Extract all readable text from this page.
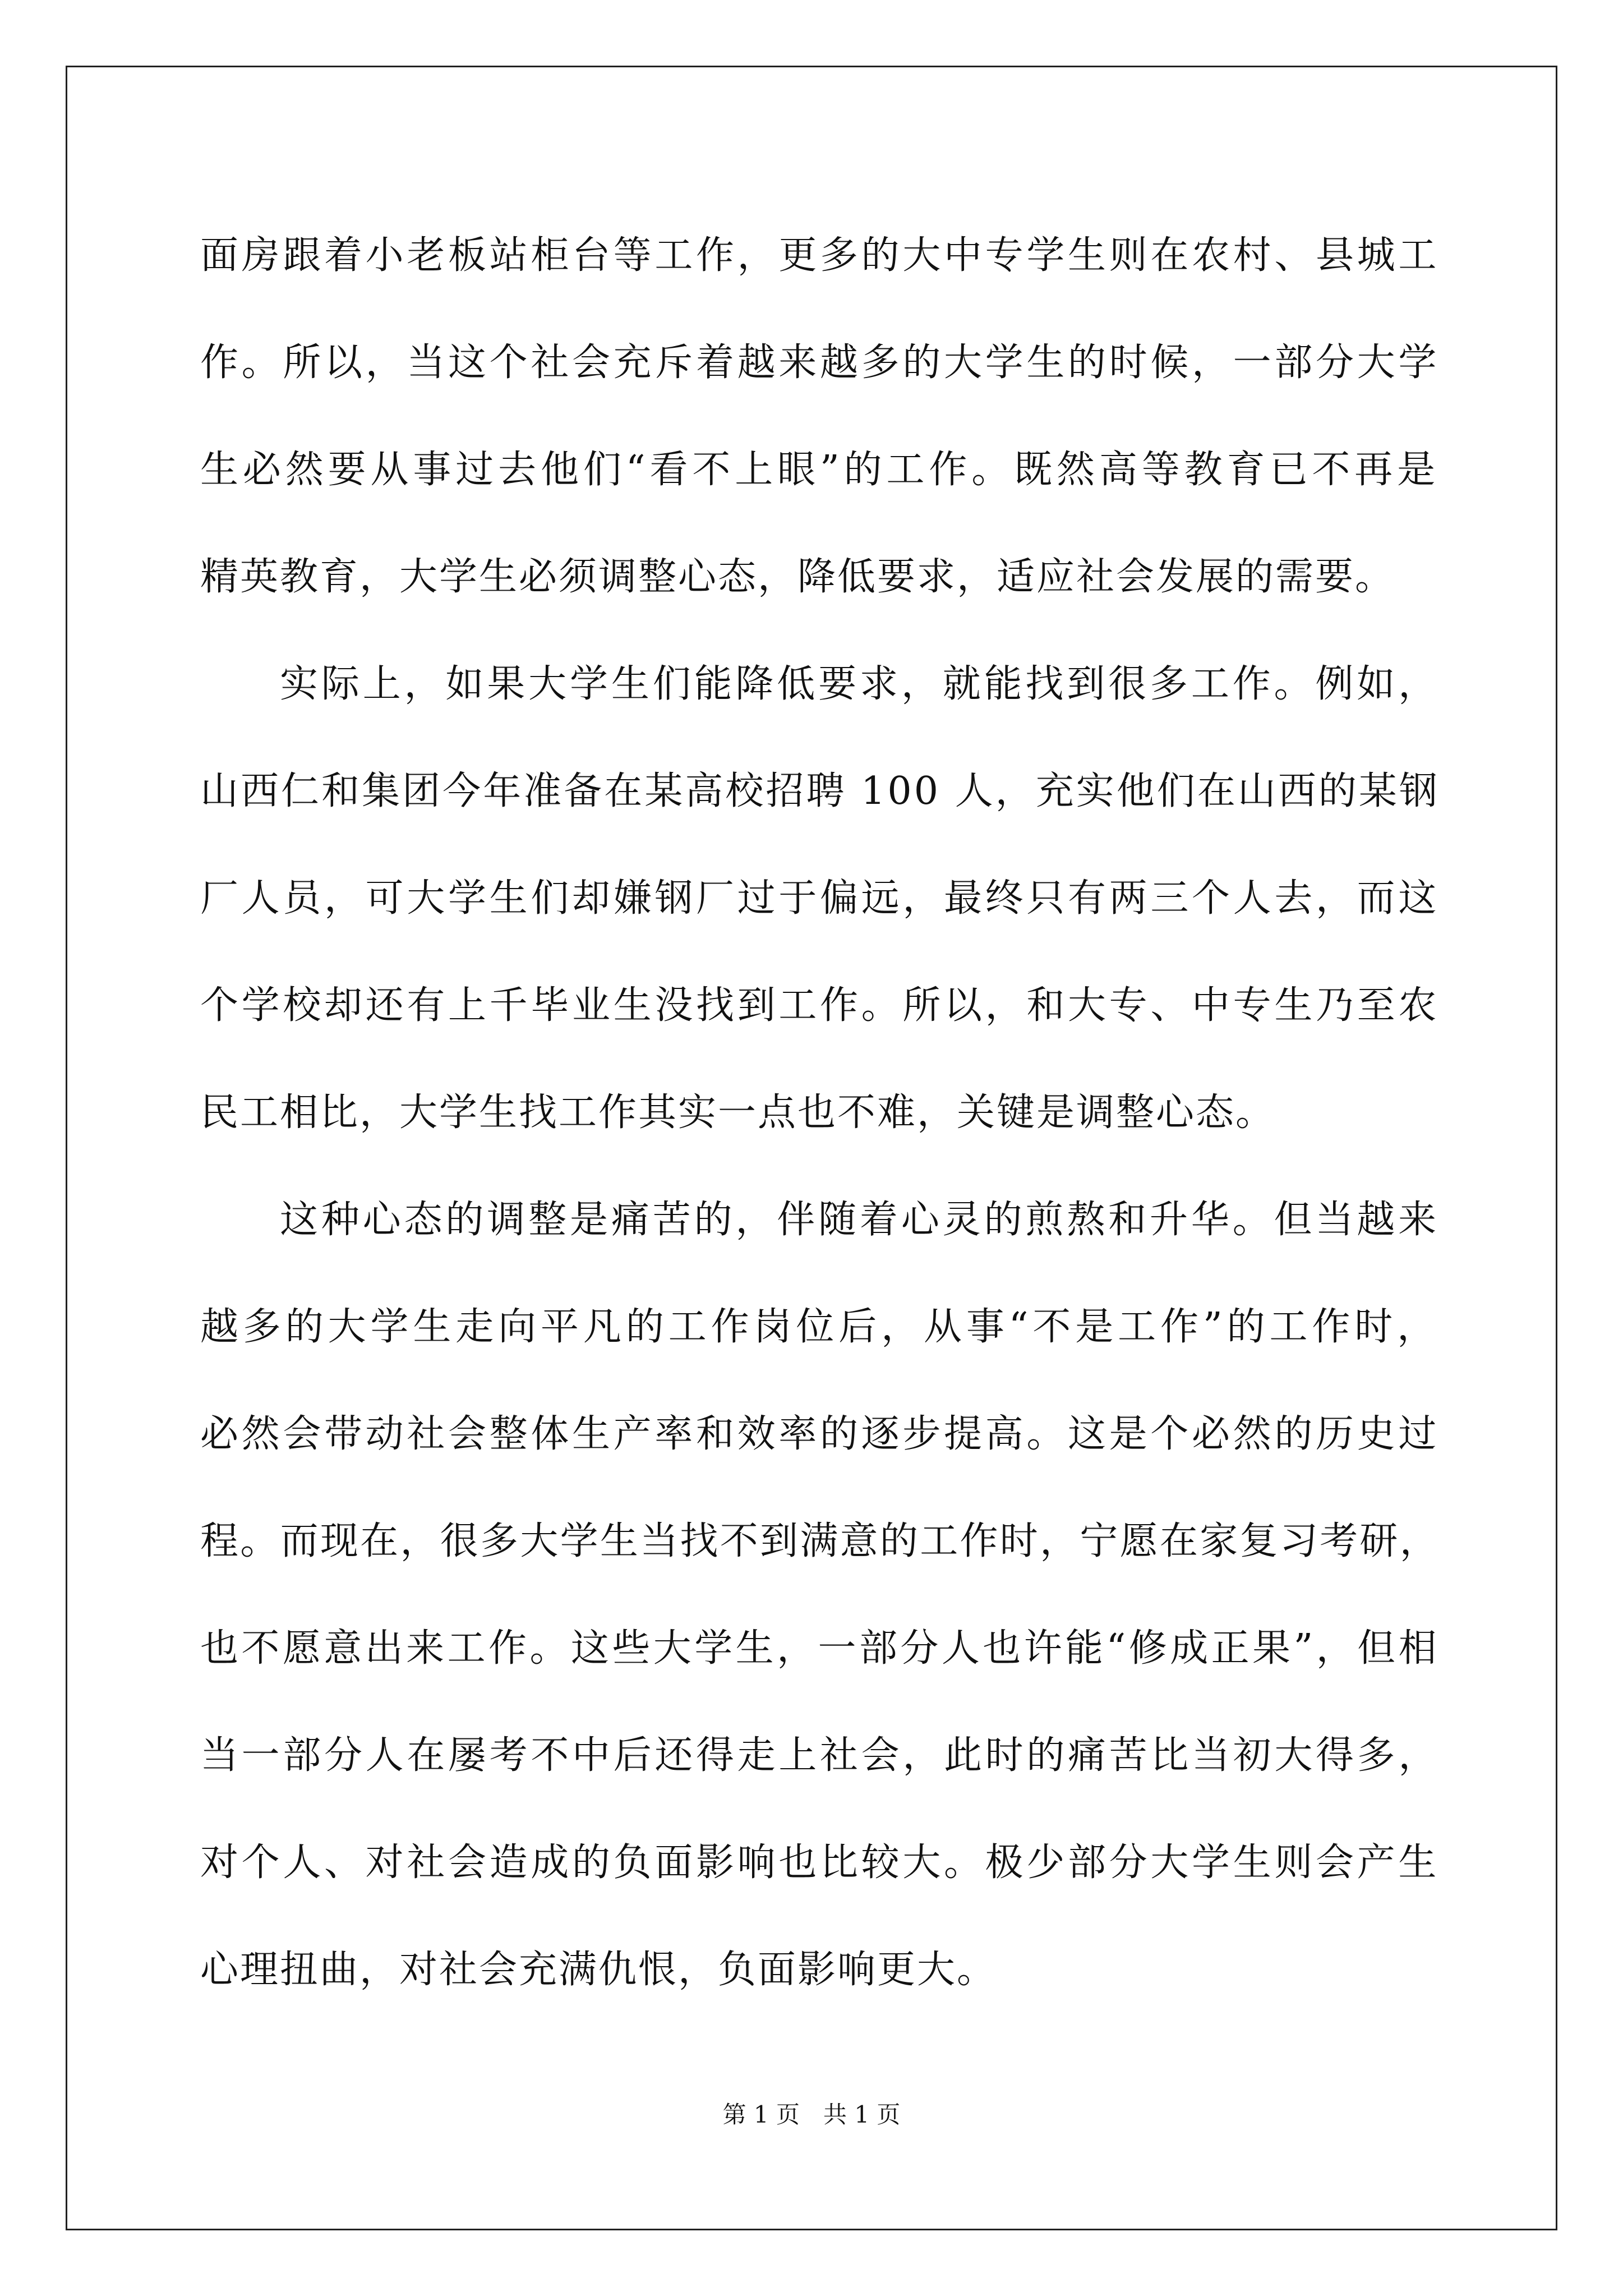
面房跟着小老板站柜台等工作，更多的大中专学生则在农村、县城工
作。所以，当这个社会充斥着越来越多的大学生的时候，一部分大学
生必然要从事过去他们“看不上眼”的工作。既然高等教育已不再是
精英教育，大学生必须调整心态，降低要求，适应社会发展的需要。
实际上，如果大学生们能降低要求，就能找到很多工作。例如，
山西仁和集团今年准备在某高校招聘 100 人，充实他们在山西的某钢
厂人员，可大学生们却嫌钢厂过于偏远，最终只有两三个人去，而这
个学校却还有上千毕业生没找到工作。所以，和大专、中专生乃至农
民工相比，大学生找工作其实一点也不难，关键是调整心态。
这种心态的调整是痛苦的，伴随着心灵的煎熬和升华。但当越来
越多的大学生走向平凡的工作岗位后，从事“不是工作”的工作时，
必然会带动社会整体生产率和效率的逐步提高。这是个必然的历史过
程。而现在，很多大学生当找不到满意的工作时，宁愿在家复习考研，
也不愿意出来工作。这些大学生，一部分人也许能“修成正果”，但相
当一部分人在屡考不中后还得走上社会，此时的痛苦比当初大得多，
对个人、对社会造成的负面影响也比较大。极少部分大学生则会产生
心理扭曲，对社会充满仇恨，负面影响更大。
第 1 页　共 1 页
